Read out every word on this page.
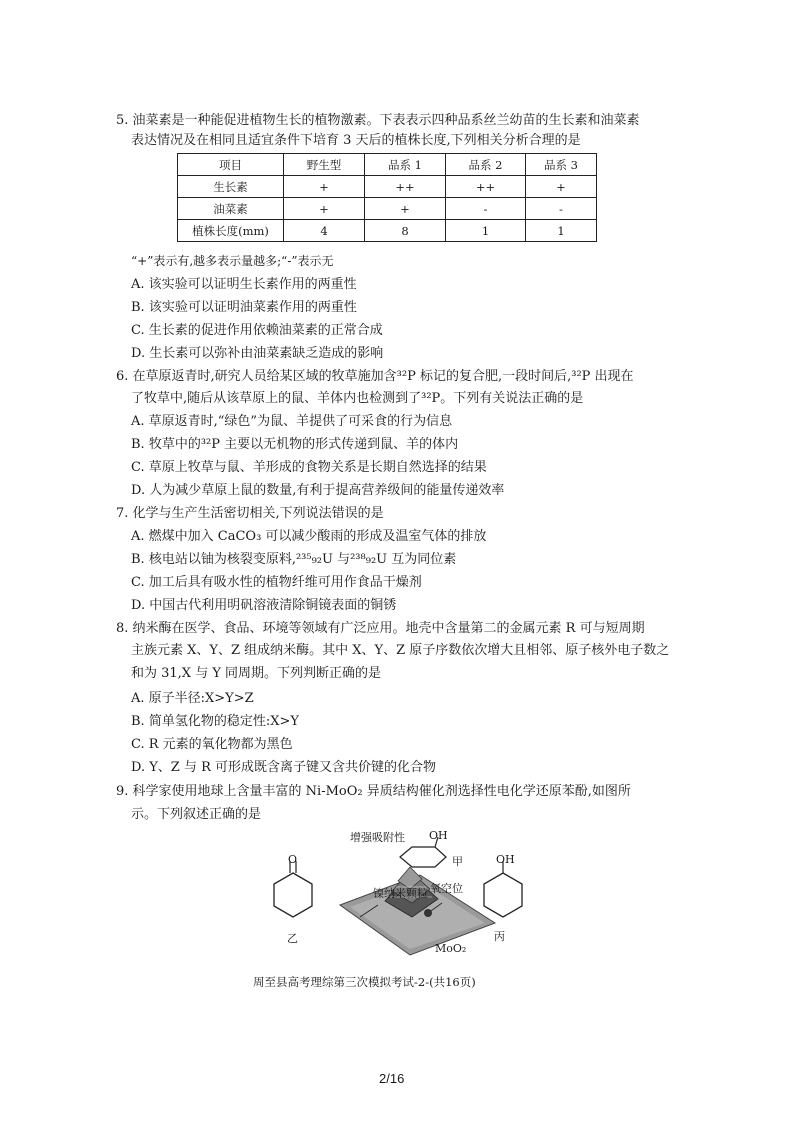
5. 油菜素是一种能促进植物生长的植物激素。下表表示四种品系丝兰幼苗的生长素和油菜素
表达情况及在相同且适宜条件下培育 3 天后的植株长度,下列相关分析合理的是
项目	野生型	品系 1	品系 2	品系 3
生长素	+	++	++	+
油菜素	+	+	-	-
植株长度(mm)	4	8	1	1
“+”表示有,越多表示量越多;“-”表示无
A. 该实验可以证明生长素作用的两重性
B. 该实验可以证明油菜素作用的两重性
C. 生长素的促进作用依赖油菜素的正常合成
D. 生长素可以弥补由油菜素缺乏造成的影响
6. 在草原返青时,研究人员给某区域的牧草施加含³²P 标记的复合肥,一段时间后,³²P 出现在
了牧草中,随后从该草原上的鼠、羊体内也检测到了³²P。下列有关说法正确的是
A. 草原返青时,“绿色”为鼠、羊提供了可采食的行为信息
B. 牧草中的³²P 主要以无机物的形式传递到鼠、羊的体内
C. 草原上牧草与鼠、羊形成的食物关系是长期自然选择的结果
D. 人为减少草原上鼠的数量,有利于提高营养级间的能量传递效率
7. 化学与生产生活密切相关,下列说法错误的是
A. 燃煤中加入 CaCO₃ 可以减少酸雨的形成及温室气体的排放
B. 核电站以铀为核裂变原料,²³⁵₉₂U 与²³⁸₉₂U 互为同位素
C. 加工后具有吸水性的植物纤维可用作食品干燥剂
D. 中国古代利用明矾溶液清除铜镜表面的铜锈
8. 纳米酶在医学、食品、环境等领域有广泛应用。地壳中含量第二的金属元素 R 可与短周期
主族元素 X、Y、Z 组成纳米酶。其中 X、Y、Z 原子序数依次增大且相邻、原子核外电子数之
和为 31,X 与 Y 同周期。下列判断正确的是
A. 原子半径:X>Y>Z
B. 简单氢化物的稳定性:X>Y
C. R 元素的氧化物都为黑色
D. Y、Z 与 R 可形成既含离子键又含共价键的化合物
9. 科学家使用地球上含量丰富的 Ni-MoO₂ 异质结构催化剂选择性电化学还原苯酚,如图所
示。下列叙述正确的是
增强吸附性 OH
甲
镍纳米颗粒 氧空位
O
乙
OH
丙
MoO₂
周至县高考理综第三次模拟考试-2-(共16页)
2/16
